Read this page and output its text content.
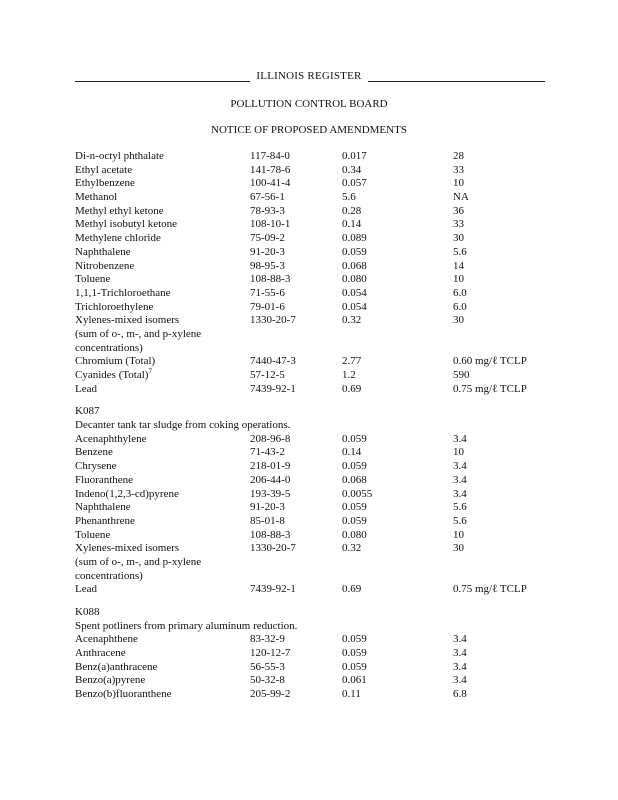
ILLINOIS REGISTER
POLLUTION CONTROL BOARD
NOTICE OF PROPOSED AMENDMENTS
Di-n-octyl phthalate	117-84-0	0.017	28
Ethyl acetate	141-78-6	0.34	33
Ethylbenzene	100-41-4	0.057	10
Methanol	67-56-1	5.6	NA
Methyl ethyl ketone	78-93-3	0.28	36
Methyl isobutyl ketone	108-10-1	0.14	33
Methylene chloride	75-09-2	0.089	30
Naphthalene	91-20-3	0.059	5.6
Nitrobenzene	98-95-3	0.068	14
Toluene	108-88-3	0.080	10
1,1,1-Trichloroethane	71-55-6	0.054	6.0
Trichloroethylene	79-01-6	0.054	6.0
Xylenes-mixed isomers	1330-20-7	0.32	30
(sum of o-, m-, and p-xylene
concentrations)
Chromium (Total)	7440-47-3	2.77	0.60 mg/ℓ TCLP
Cyanides (Total)$^7$	57-12-5	1.2	590
Lead	7439-92-1	0.69	0.75 mg/ℓ TCLP
K087
Decanter tank tar sludge from coking operations.
Acenaphthylene	208-96-8	0.059	3.4
Benzene	71-43-2	0.14	10
Chrysene	218-01-9	0.059	3.4
Fluoranthene	206-44-0	0.068	3.4
Indeno(1,2,3-cd)pyrene	193-39-5	0.0055	3.4
Naphthalene	91-20-3	0.059	5.6
Phenanthrene	85-01-8	0.059	5.6
Toluene	108-88-3	0.080	10
Xylenes-mixed isomers	1330-20-7	0.32	30
(sum of o-, m-, and p-xylene
concentrations)
Lead	7439-92-1	0.69	0.75 mg/ℓ TCLP
K088
Spent potliners from primary aluminum reduction.
Acenaphthene	83-32-9	0.059	3.4
Anthracene	120-12-7	0.059	3.4
Benz(a)anthracene	56-55-3	0.059	3.4
Benzo(a)pyrene	50-32-8	0.061	3.4
Benzo(b)fluoranthene	205-99-2	0.11	6.8
